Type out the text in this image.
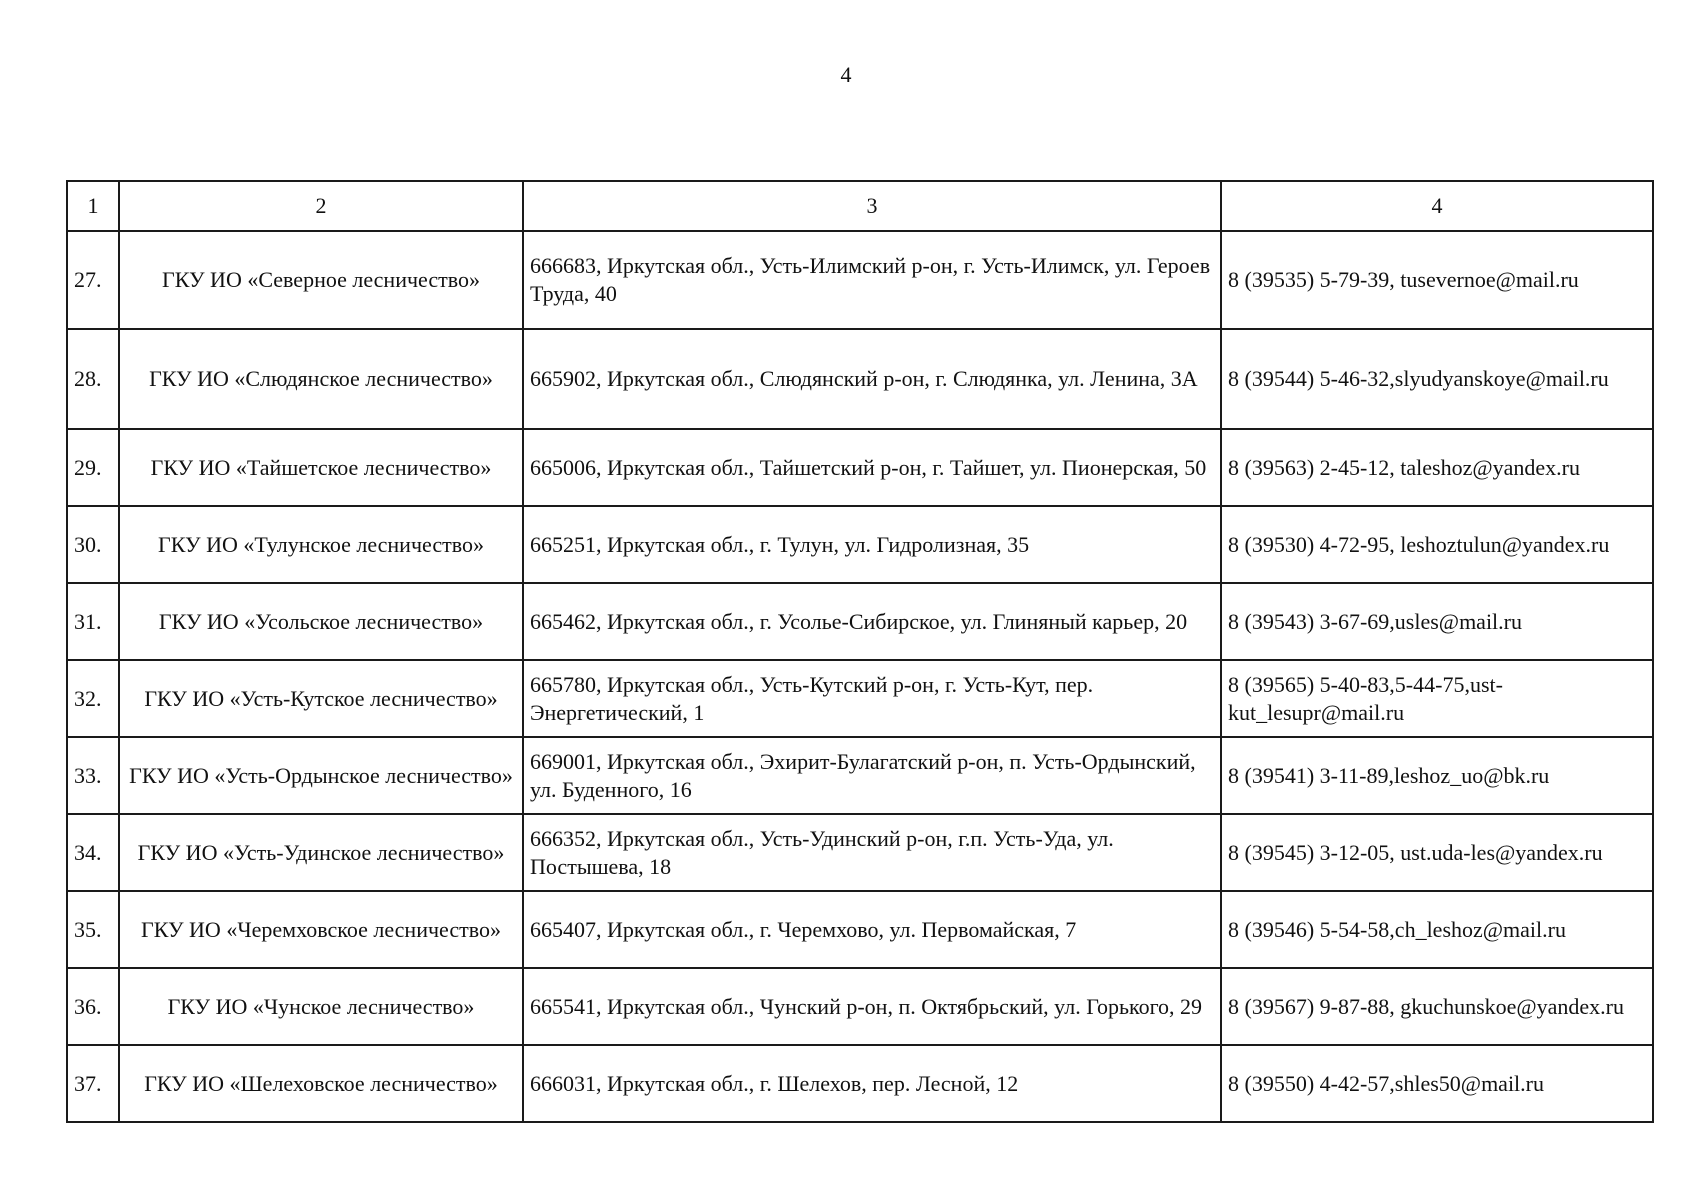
4
1	2	3	4
27.	ГКУ ИО «Северное лесничество»	666683, Иркутская обл., Усть-Илимский р-он, г. Усть-Илимск, ул. Героев Труда, 40	8 (39535) 5-79-39, tusevernoe@mail.ru
28.	ГКУ ИО «Слюдянское лесничество»	665902, Иркутская обл., Слюдянский р-он, г. Слюдянка, ул. Ленина, 3А	8 (39544) 5-46-32,slyudyanskoye@mail.ru
29.	ГКУ ИО «Тайшетское лесничество»	665006, Иркутская обл., Тайшетский р-он, г. Тайшет, ул. Пионерская, 50	8 (39563) 2-45-12, taleshoz@yandex.ru
30.	ГКУ ИО «Тулунское лесничество»	665251, Иркутская обл., г. Тулун, ул. Гидролизная, 35	8 (39530) 4-72-95, leshoztulun@yandex.ru
31.	ГКУ ИО «Усольское лесничество»	665462, Иркутская обл., г. Усолье-Сибирское, ул. Глиняный карьер, 20	8 (39543) 3-67-69,usles@mail.ru
32.	ГКУ ИО «Усть-Кутское лесничество»	665780, Иркутская обл., Усть-Кутский р-он, г. Усть-Кут, пер. Энергетический, 1	8 (39565) 5-40-83,5-44-75,ust-kut_lesupr@mail.ru
33.	ГКУ ИО «Усть-Ордынское лесничество»	669001, Иркутская обл., Эхирит-Булагатский р-он, п. Усть-Ордынский, ул. Буденного, 16	8 (39541) 3-11-89,leshoz_uo@bk.ru
34.	ГКУ ИО «Усть-Удинское лесничество»	666352, Иркутская обл., Усть-Удинский р-он, г.п. Усть-Уда, ул. Постышева, 18	8 (39545) 3-12-05, ust.uda-les@yandex.ru
35.	ГКУ ИО «Черемховское лесничество»	665407, Иркутская обл., г. Черемхово, ул. Первомайская, 7	8 (39546) 5-54-58,ch_leshoz@mail.ru
36.	ГКУ ИО «Чунское лесничество»	665541, Иркутская обл., Чунский р-он, п. Октябрьский, ул. Горького, 29	8 (39567) 9-87-88, gkuchunskoe@yandex.ru
37.	ГКУ ИО «Шелеховское лесничество»	666031, Иркутская обл., г. Шелехов, пер. Лесной, 12	8 (39550) 4-42-57,shles50@mail.ru
